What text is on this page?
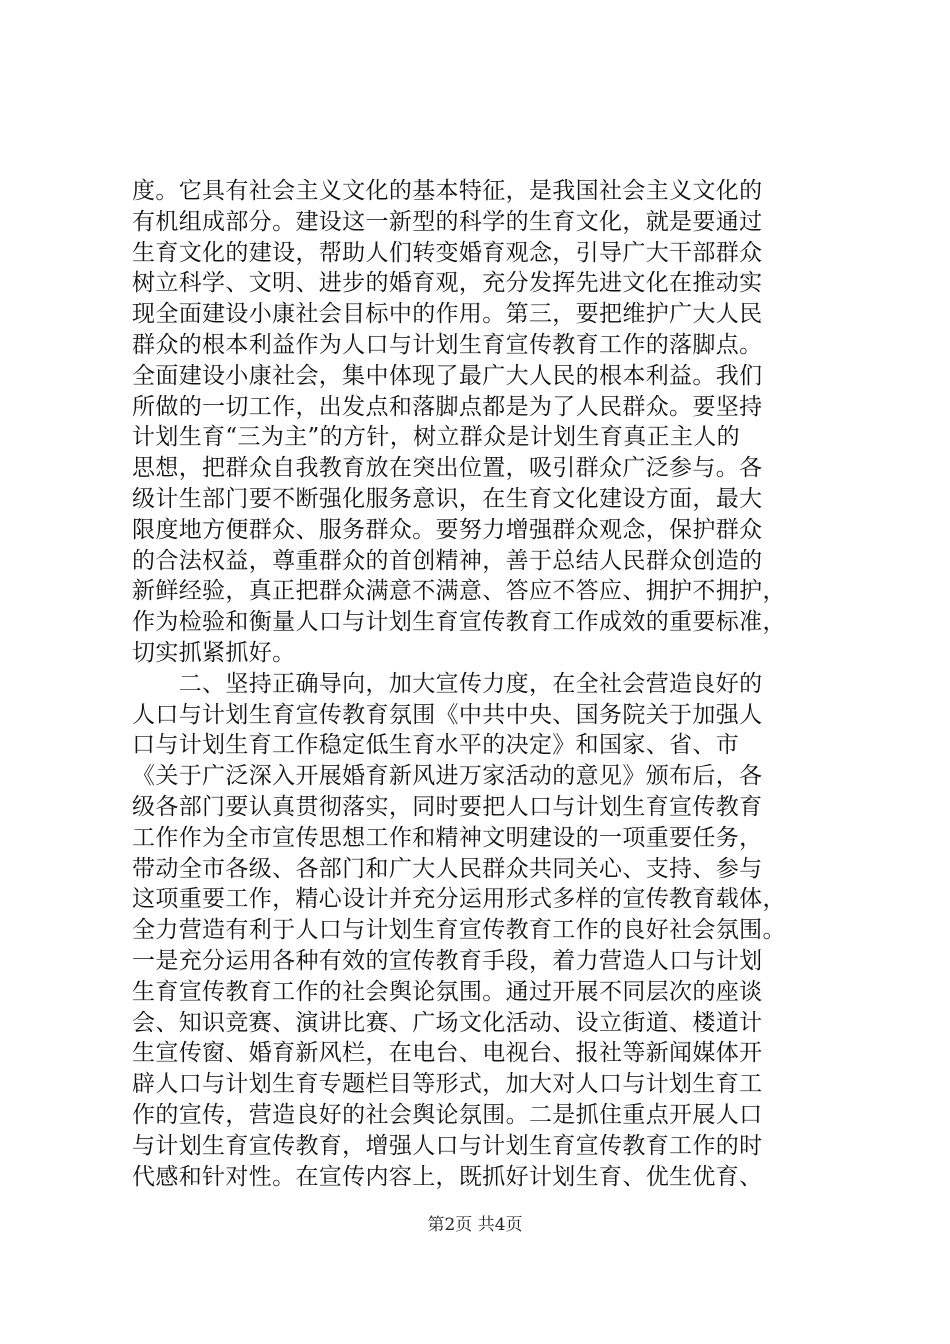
度。它具有社会主义文化的基本特征，是我国社会主义文化的
有机组成部分。建设这一新型的科学的生育文化，就是要通过
生育文化的建设，帮助人们转变婚育观念，引导广大干部群众
树立科学、文明、进步的婚育观，充分发挥先进文化在推动实
现全面建设小康社会目标中的作用。第三，要把维护广大人民
群众的根本利益作为人口与计划生育宣传教育工作的落脚点。
全面建设小康社会，集中体现了最广大人民的根本利益。我们
所做的一切工作，出发点和落脚点都是为了人民群众。要坚持
计划生育“三为主”的方针，树立群众是计划生育真正主人的
思想，把群众自我教育放在突出位置，吸引群众广泛参与。各
级计生部门要不断强化服务意识，在生育文化建设方面，最大
限度地方便群众、服务群众。要努力增强群众观念，保护群众
的合法权益，尊重群众的首创精神，善于总结人民群众创造的
新鲜经验，真正把群众满意不满意、答应不答应、拥护不拥护，
作为检验和衡量人口与计划生育宣传教育工作成效的重要标准，
切实抓紧抓好。
　　二、坚持正确导向，加大宣传力度，在全社会营造良好的
人口与计划生育宣传教育氛围《中共中央、国务院关于加强人
口与计划生育工作稳定低生育水平的决定》和国家、省、市
《关于广泛深入开展婚育新风进万家活动的意见》颁布后，各
级各部门要认真贯彻落实，同时要把人口与计划生育宣传教育
工作作为全市宣传思想工作和精神文明建设的一项重要任务，
带动全市各级、各部门和广大人民群众共同关心、支持、参与
这项重要工作，精心设计并充分运用形式多样的宣传教育载体，
全力营造有利于人口与计划生育宣传教育工作的良好社会氛围。
一是充分运用各种有效的宣传教育手段，着力营造人口与计划
生育宣传教育工作的社会舆论氛围。通过开展不同层次的座谈
会、知识竞赛、演讲比赛、广场文化活动、设立街道、楼道计
生宣传窗、婚育新风栏，在电台、电视台、报社等新闻媒体开
辟人口与计划生育专题栏目等形式，加大对人口与计划生育工
作的宣传，营造良好的社会舆论氛围。二是抓住重点开展人口
与计划生育宣传教育，增强人口与计划生育宣传教育工作的时
代感和针对性。在宣传内容上，既抓好计划生育、优生优育、
第2页 共4页
